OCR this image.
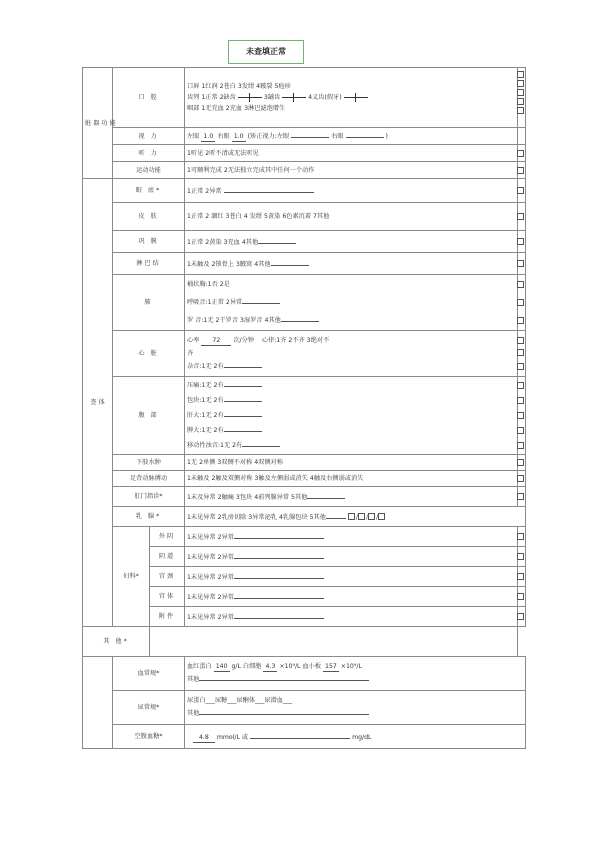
未查填正常
脏 器 功 能	口 腔		口唇 1红润 2苍白 3发绀 4皲裂 5疱疹
齿列 1正常 2缺齿 3龋齿 4义齿(假牙)
咽部 1无充血 2充血 3淋巴滤泡增生	

	视 力		左眼 1.0 右眼 1.0 (矫正视力:左眼 右眼 )	
	听 力		1听见 2听不清或无法听见	

	运动功能		1可顺利完成 2无法独立完成其中任何一个动作	

查 体	眼 底*		1正常 2异常	

	皮 肤		1正常 2 潮红 3苍白 4 发绀 5黄染 6色素沉着 7其他	

	巩 膜		1正常 2黄染 3充血 4其他	

	淋巴结		1未触及 2锁骨上 3腋窝 4其他	

	肺		桶状胸:1否 2是
呼吸音:1正常 2异常
罗 音:1无 2干罗音 3湿罗音 4其他	

	心 脏		心率 72 次/分钟 心律:1齐 2不齐 3绝对不
齐
杂音:1无 2有	

	腹 部		压痛:1无 2有
包块:1无 2有
肝大:1无 2有
脾大:1无 2有
移动性浊音:1无 2有	

	下肢水肿		1无 2单侧 3双侧不对称 4双侧对称	

	足背动脉搏动		1未触及 2触及双侧对称 3触及左侧弱或消失 4触及右侧弱或消失	

	肛门指诊*		1未及异常 2触痛 3包块 4前列腺异常 5其他	

	乳 腺*		1未见异常 2乳房切除 3异常泌乳 4乳腺包块 5其他 / / /	
	妇科*	外阴	1未见异常 2异常	

		阴道	1未见异常 2异常	

		宫颈	1未见异常 2异常	

		宫体	1未见异常 2异常	

		附件	1未见异常 2异常	

其 他*				
	血常规*		血红蛋白 140 g/L 白细胞 4.3 ×10⁹/L 血小板 157 ×10⁹/L
其他	

	尿常规*		尿蛋白___尿糖___尿酮体___尿潜血___
其他	

	空腹血糖*		4.8 mmol/L 或 mg/dL	
